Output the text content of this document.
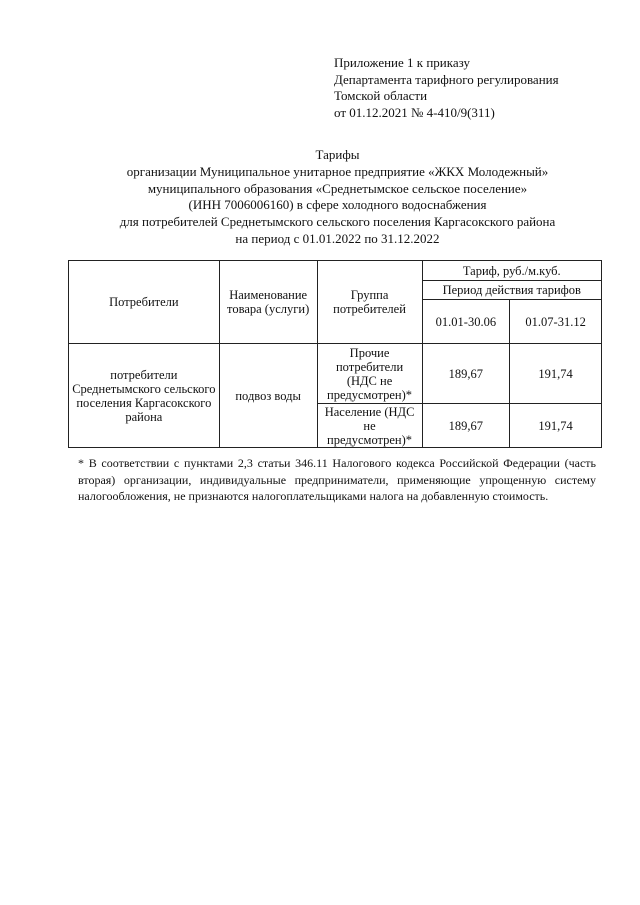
Приложение 1 к приказу
Департамента тарифного регулирования
Томской области
от 01.12.2021 № 4-410/9(311)
Тарифы
организации Муниципальное унитарное предприятие «ЖКХ Молодежный»
муниципального образования «Среднетымское сельское поселение»
(ИНН 7006006160) в сфере холодного водоснабжения
для потребителей Среднетымского сельского поселения Каргасокского района
на период с 01.01.2022 по 31.12.2022
Потребители	Наименование товара (услуги)	Группа потребителей	Тариф, руб./м.куб.	
			Период действия тарифов	
			01.01-30.06	01.07-31.12
потребители Среднетымского сельского поселения Каргасокского района	подвоз воды	Прочие потребители (НДС не предусмотрен)*	189,67	191,74
		Население (НДС не предусмотрен)*	189,67	191,74
* В соответствии с пунктами 2,3 статьи 346.11 Налогового кодекса Российской Федерации (часть вторая) организации, индивидуальные предприниматели, применяющие упрощенную систему налогообложения, не признаются налогоплательщиками налога на добавленную стоимость.
